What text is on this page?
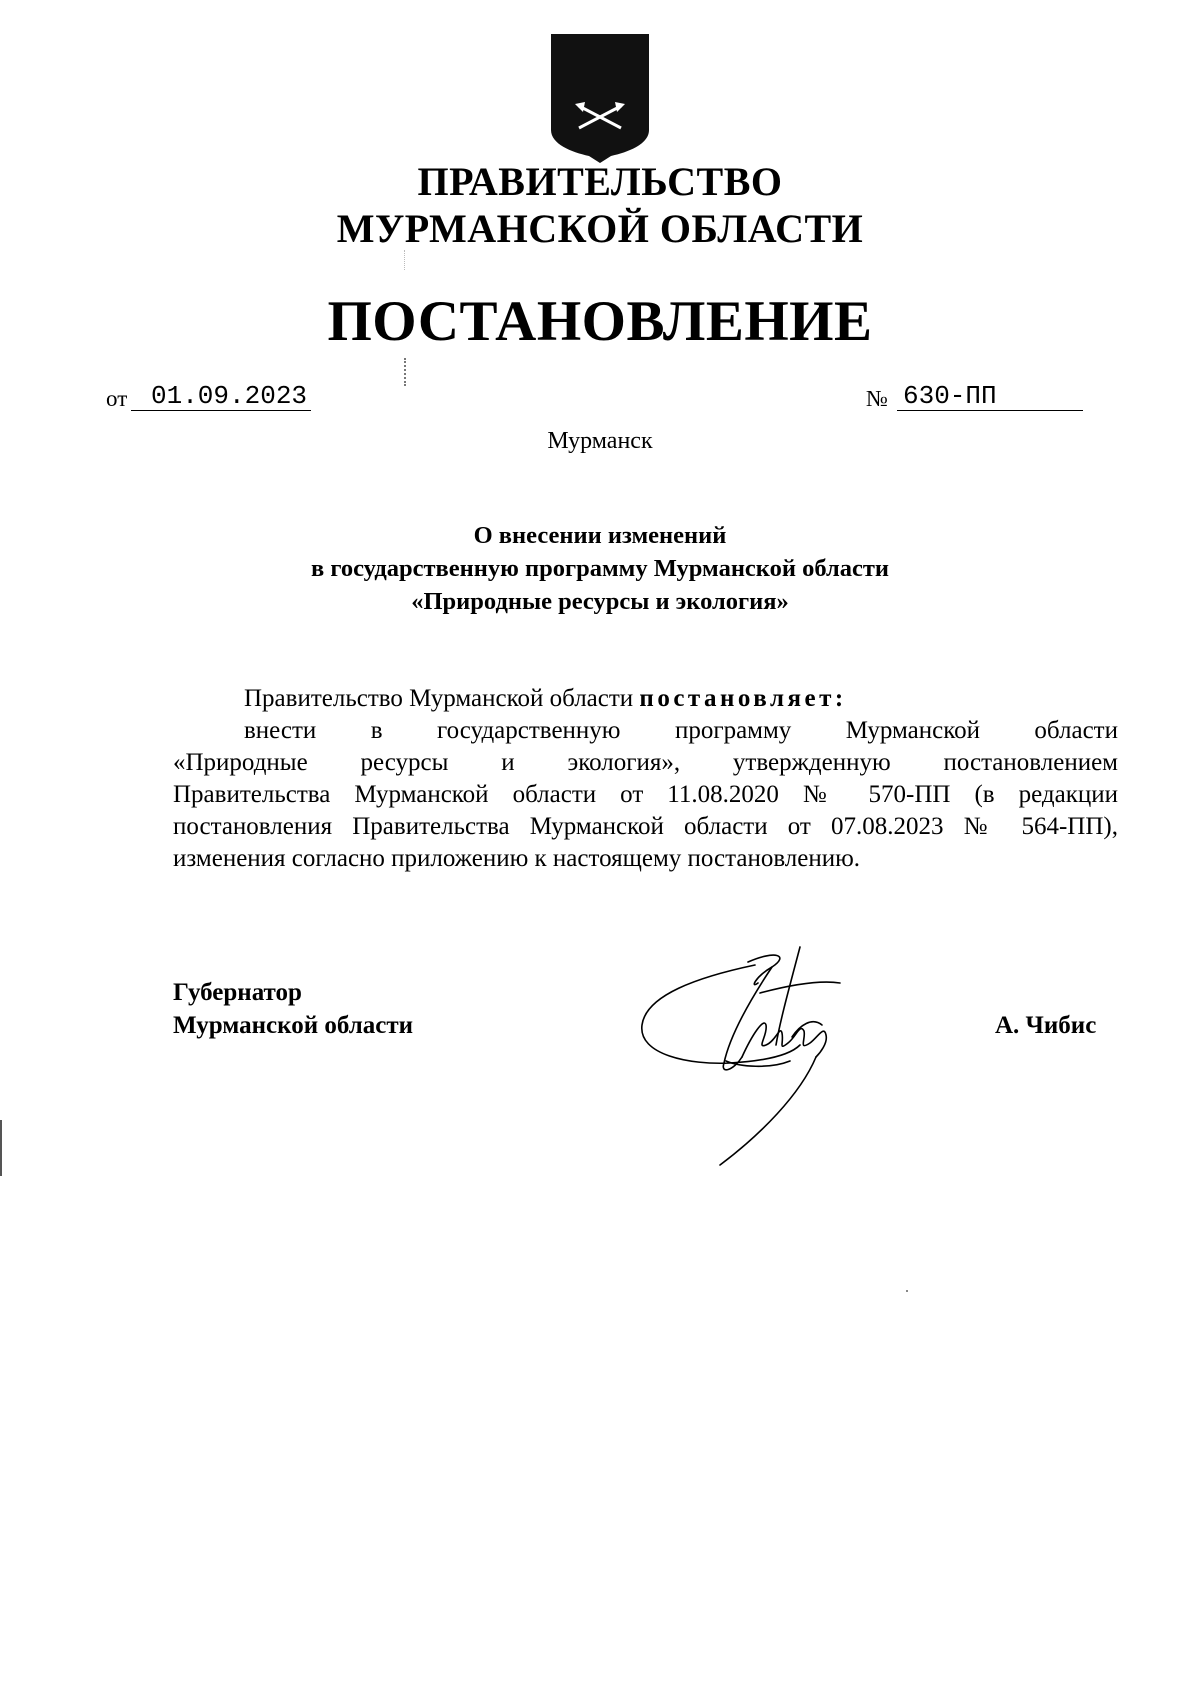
ПРАВИТЕЛЬСТВО
МУРМАНСКОЙ ОБЛАСТИ
ПОСТАНОВЛЕНИЕ
от 01.09.2023	№ 630-ПП
Мурманск
О внесении изменений
в государственную программу Мурманской области
«Природные ресурсы и экология»
Правительство Мурманской области постановляет:
внести в государственную программу Мурманской области
«Природные ресурсы и экология», утвержденную постановлением
Правительства Мурманской области от 11.08.2020 № 570-ПП (в редакции
постановления Правительства Мурманской области от 07.08.2023 № 564-ПП),
изменения согласно приложению к настоящему постановлению.
Губернатор
Мурманской области	А. Чибис
